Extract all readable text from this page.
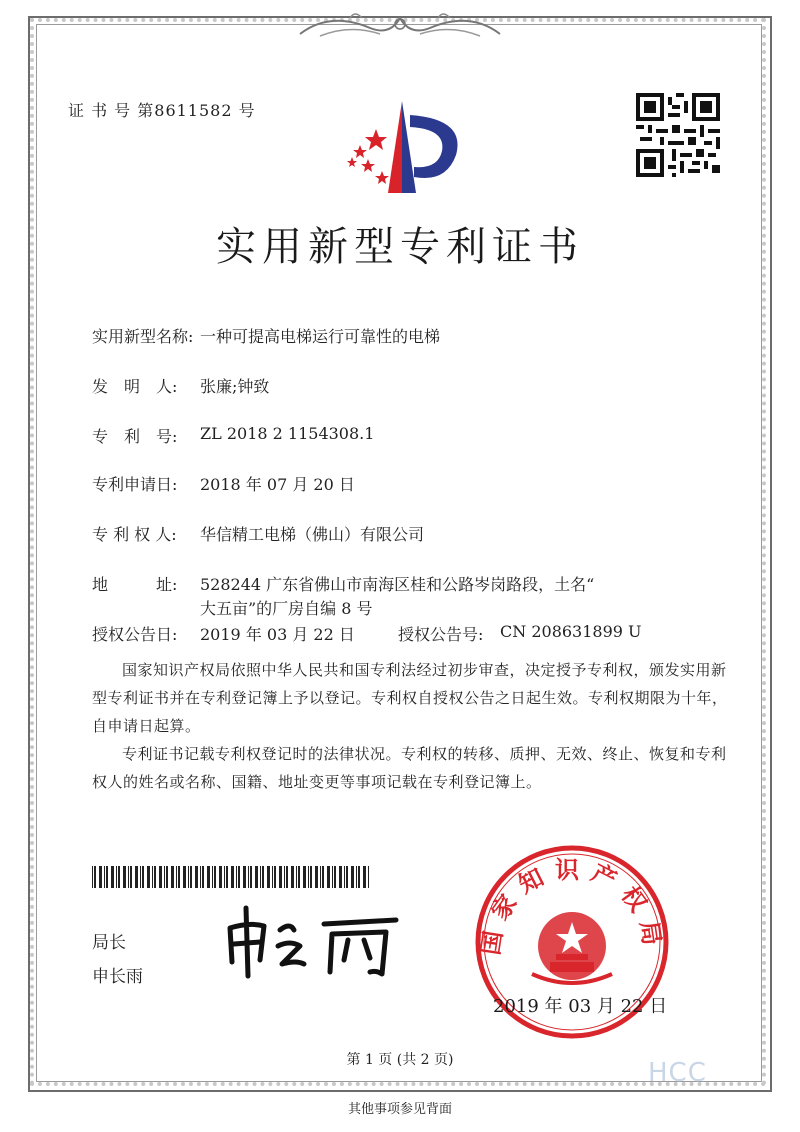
证 书 号 第8611582 号
实用新型专利证书
实用新型名称: 一种可提高电梯运行可靠性的电梯
发　明　人: 张廉;钟致
专　利　号: ZL 2018 2 1154308.1
专利申请日: 2018 年 07 月 20 日
专 利 权 人: 华信精工电梯（佛山）有限公司
地　　　址: 528244 广东省佛山市南海区桂和公路岑岗路段，土名“
大五亩”的厂房自编 8 号
授权公告日: 2019 年 03 月 22 日	授权公告号: CN 208631899 U
国家知识产权局依照中华人民共和国专利法经过初步审查，决定授予专利权，颁发实用新型专利证书并在专利登记簿上予以登记。专利权自授权公告之日起生效。专利权期限为十年，自申请日起算。
专利证书记载专利权登记时的法律状况。专利权的转移、质押、无效、终止、恢复和专利权人的姓名或名称、国籍、地址变更等事项记载在专利登记簿上。
局长
申长雨
国家知识产权局
2019 年 03 月 22 日
第 1 页 (共 2 页)	HCC
其他事项参见背面
